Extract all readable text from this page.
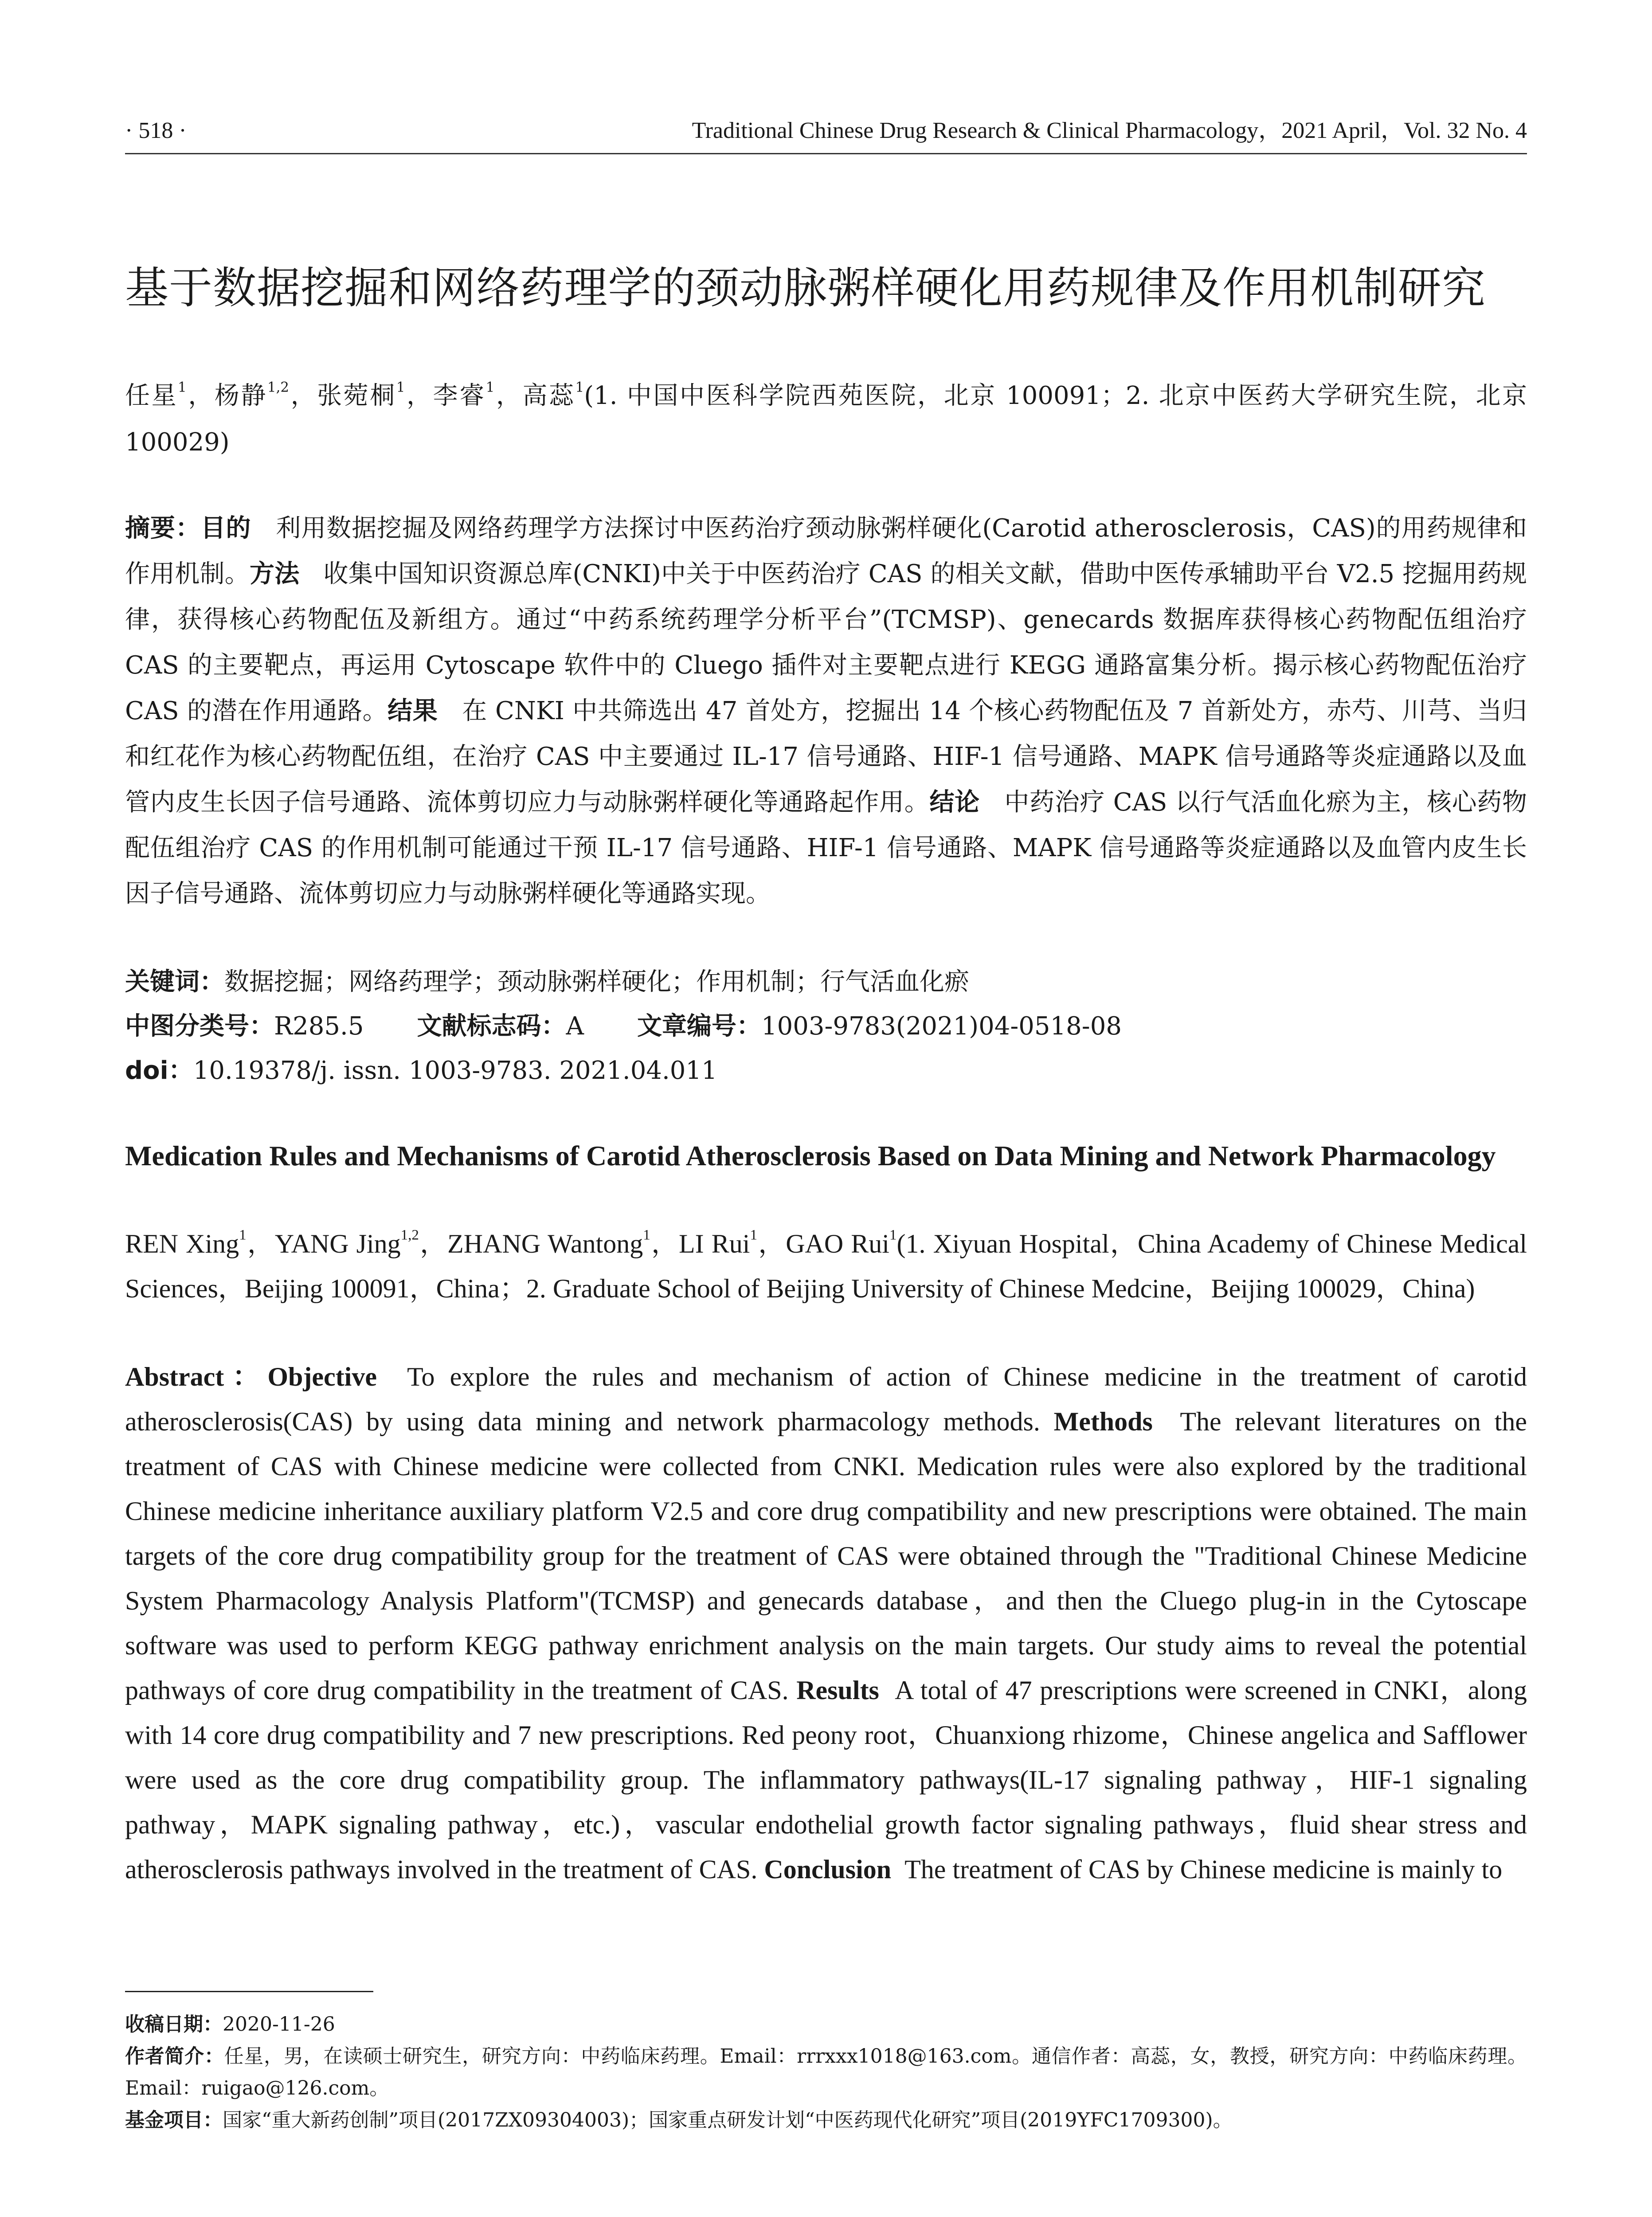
· 518 ·	Traditional Chinese Drug Research & Clinical Pharmacology，2021 April，Vol. 32 No. 4
基于数据挖掘和网络药理学的颈动脉粥样硬化用药规律及作用机制研究
任星$^1$，杨静$^{1,2}$，张菀桐$^1$，李睿$^1$，高蕊$^1$(1. 中国中医科学院西苑医院，北京 100091；2. 北京中医药大学研究生院，北京 100029)
摘要：目的 利用数据挖掘及网络药理学方法探讨中医药治疗颈动脉粥样硬化(Carotid atherosclerosis，CAS)的用药规律和作用机制。方法 收集中国知识资源总库(CNKI)中关于中医药治疗 CAS 的相关文献，借助中医传承辅助平台 V2.5 挖掘用药规律，获得核心药物配伍及新组方。通过“中药系统药理学分析平台”(TCMSP)、genecards 数据库获得核心药物配伍组治疗 CAS 的主要靶点，再运用 Cytoscape 软件中的 Cluego 插件对主要靶点进行 KEGG 通路富集分析。揭示核心药物配伍治疗 CAS 的潜在作用通路。结果 在 CNKI 中共筛选出 47 首处方，挖掘出 14 个核心药物配伍及 7 首新处方，赤芍、川芎、当归和红花作为核心药物配伍组，在治疗 CAS 中主要通过 IL-17 信号通路、HIF-1 信号通路、MAPK 信号通路等炎症通路以及血管内皮生长因子信号通路、流体剪切应力与动脉粥样硬化等通路起作用。结论 中药治疗 CAS 以行气活血化瘀为主，核心药物配伍组治疗 CAS 的作用机制可能通过干预 IL-17 信号通路、HIF-1 信号通路、MAPK 信号通路等炎症通路以及血管内皮生长因子信号通路、流体剪切应力与动脉粥样硬化等通路实现。
关键词：数据挖掘；网络药理学；颈动脉粥样硬化；作用机制；行气活血化瘀
中图分类号：R285.5 文献标志码：A 文章编号：1003-9783(2021)04-0518-08
doi：10.19378/j. issn. 1003-9783. 2021.04.011
Medication Rules and Mechanisms of Carotid Atherosclerosis Based on Data Mining and Network Pharmacology
REN Xing$^1$，YANG Jing$^{1,2}$，ZHANG Wantong$^1$，LI Rui$^1$，GAO Rui$^1$(1. Xiyuan Hospital，China Academy of Chinese Medical Sciences，Beijing 100091，China；2. Graduate School of Beijing University of Chinese Medcine，Beijing 100029，China)
Abstract：Objective To explore the rules and mechanism of action of Chinese medicine in the treatment of carotid atherosclerosis(CAS) by using data mining and network pharmacology methods. Methods The relevant literatures on the treatment of CAS with Chinese medicine were collected from CNKI. Medication rules were also explored by the traditional Chinese medicine inheritance auxiliary platform V2.5 and core drug compatibility and new prescriptions were obtained. The main targets of the core drug compatibility group for the treatment of CAS were obtained through the "Traditional Chinese Medicine System Pharmacology Analysis Platform"(TCMSP) and genecards database，and then the Cluego plug-in in the Cytoscape software was used to perform KEGG pathway enrichment analysis on the main targets. Our study aims to reveal the potential pathways of core drug compatibility in the treatment of CAS. Results A total of 47 prescriptions were screened in CNKI，along with 14 core drug compatibility and 7 new prescriptions. Red peony root，Chuanxiong rhizome，Chinese angelica and Safflower were used as the core drug compatibility group. The inflammatory pathways(IL-17 signaling pathway，HIF-1 signaling pathway，MAPK signaling pathway，etc.)，vascular endothelial growth factor signaling pathways，fluid shear stress and atherosclerosis pathways involved in the treatment of CAS. Conclusion The treatment of CAS by Chinese medicine is mainly to

收稿日期：2020-11-26

作者简介：任星，男，在读硕士研究生，研究方向：中药临床药理。Email：rrrxxx1018@163.com。通信作者：高蕊，女，教授，研究方向：中药临床药理。Email：ruigao@126.com。

基金项目：国家“重大新药创制”项目(2017ZX09304003)；国家重点研发计划“中医药现代化研究”项目(2019YFC1709300)。
